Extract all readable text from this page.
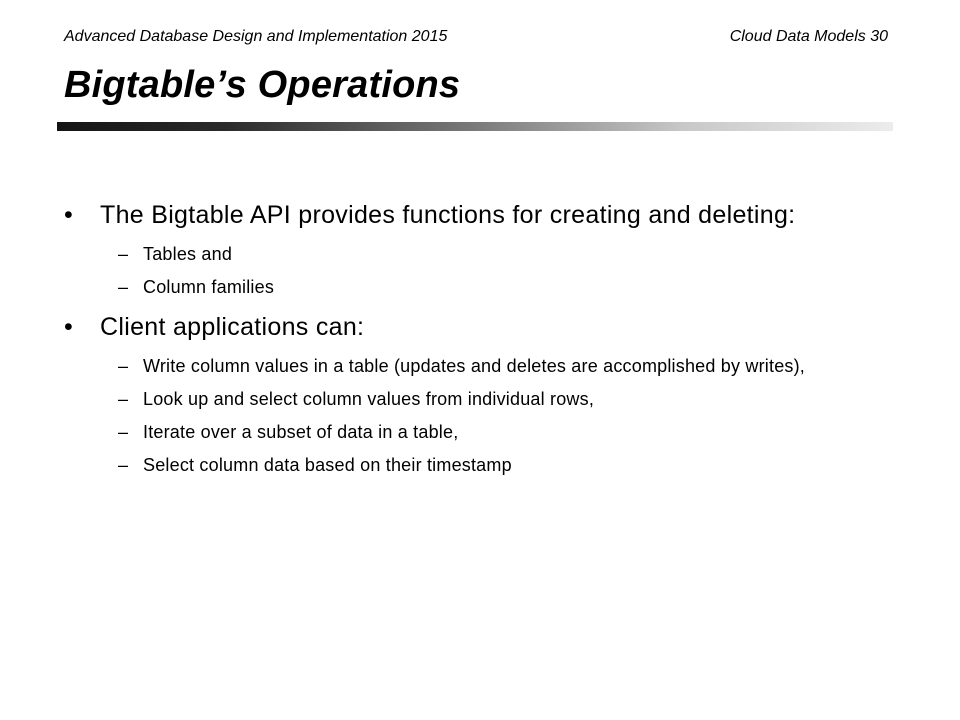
Advanced Database Design and Implementation 2015	Cloud Data Models 30
Bigtable’s Operations
• The Bigtable API provides functions for creating and deleting:
– Tables and
– Column families
• Client applications can:
– Write column values in a table (updates and deletes are accomplished by writes),
– Look up and select column values from individual rows,
– Iterate over a subset of data in a table,
– Select column data based on their timestamp
